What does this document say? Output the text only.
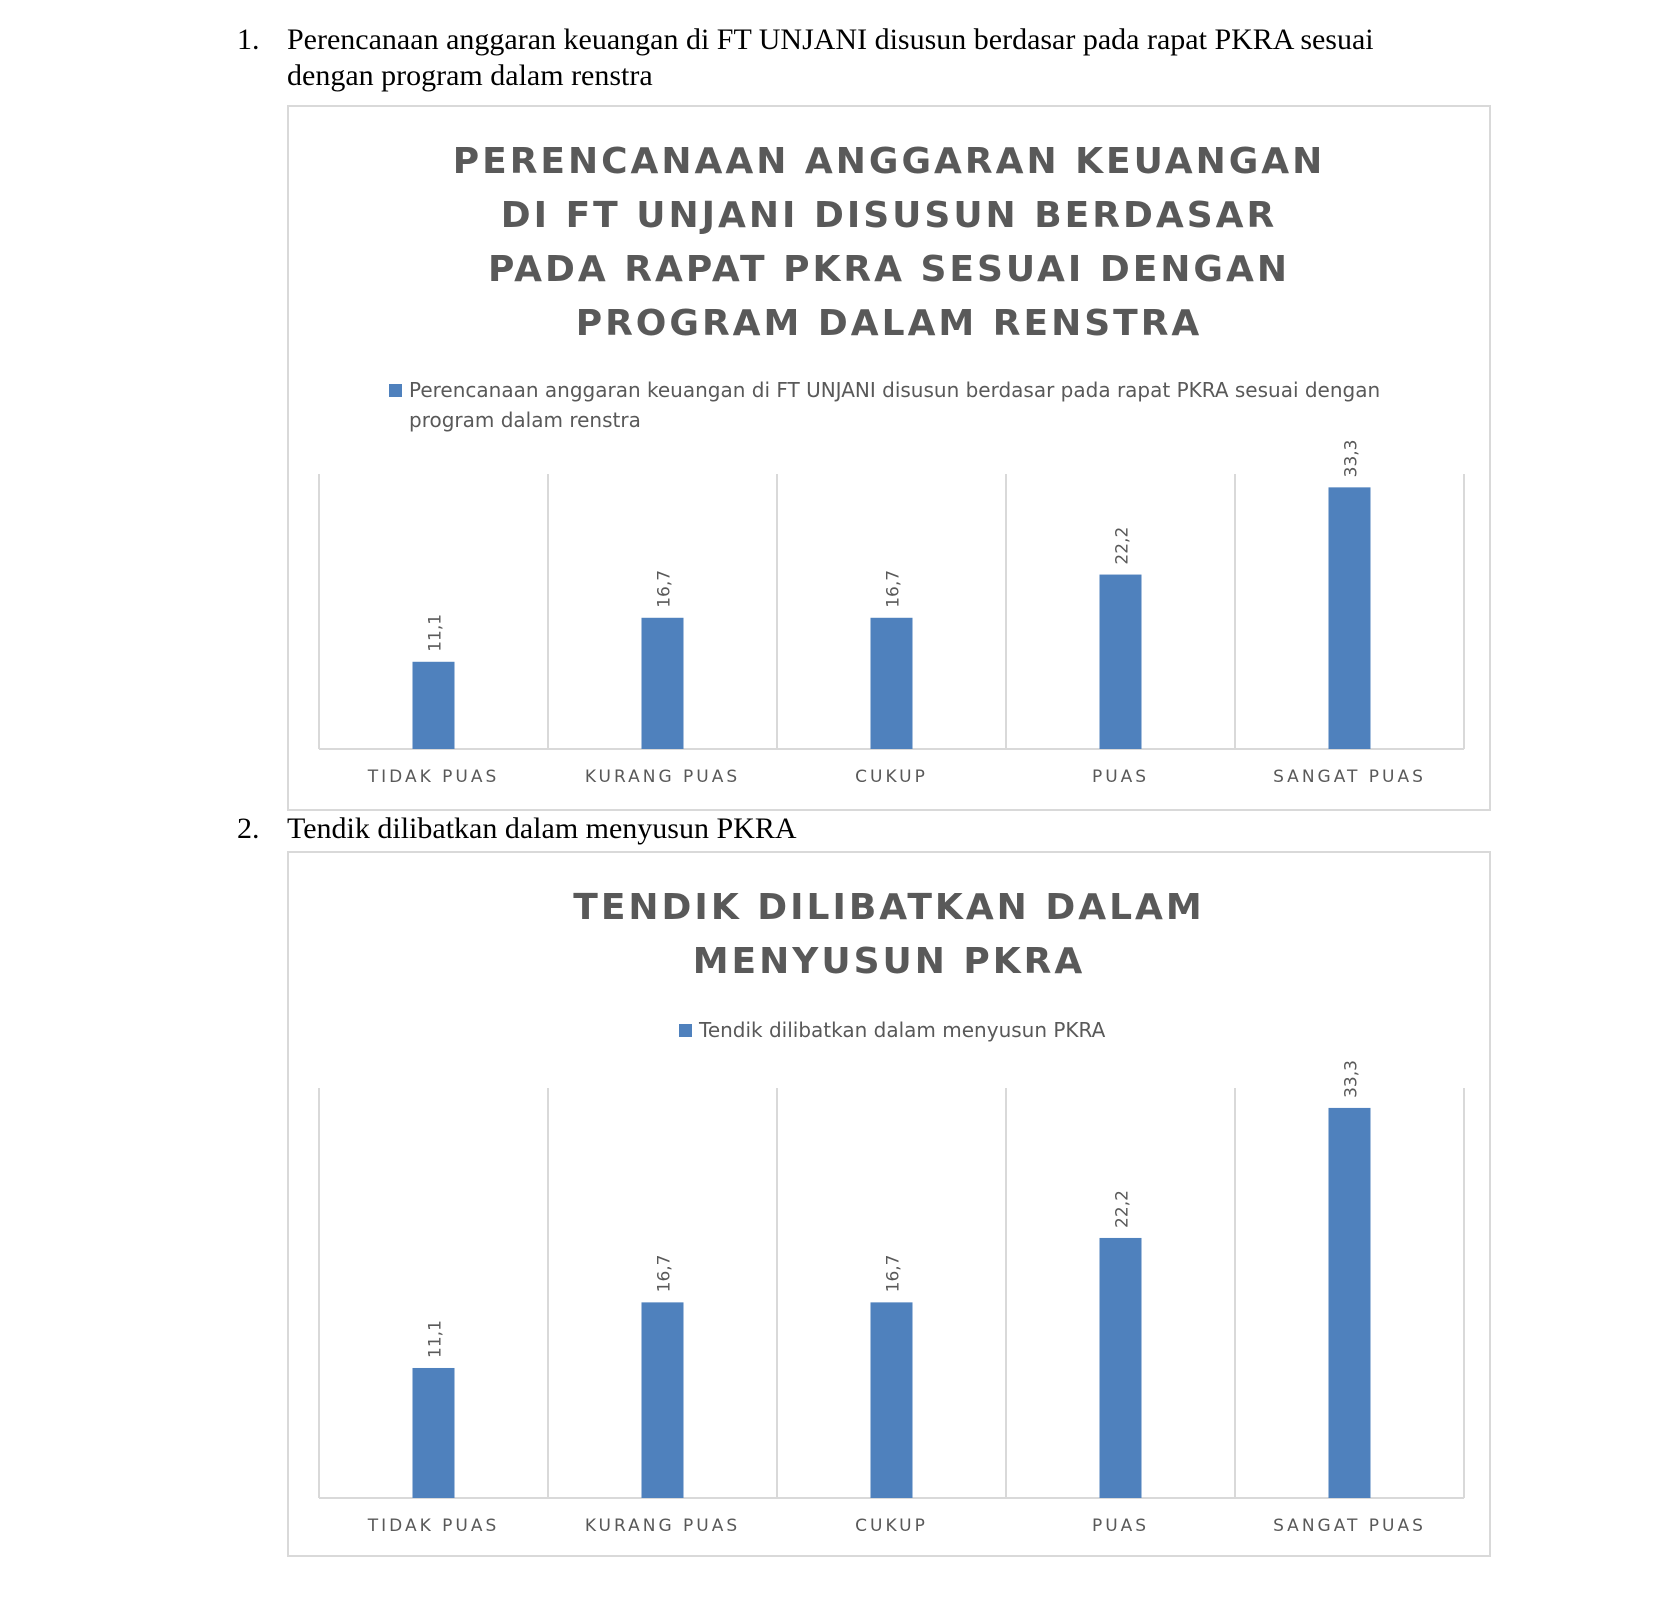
1. Perencanaan anggaran keuangan di FT UNJANI disusun berdasar pada rapat PKRA sesuai dengan program dalam renstra
PERENCANAAN ANGGARAN KEUANGAN DI FT UNJANI DISUSUN BERDASAR PADA RAPAT PKRA SESUAI DENGAN PROGRAM DALAM RENSTRA
Perencanaan anggaran keuangan di FT UNJANI disusun berdasar pada rapat PKRA sesuai dengan program dalam renstra
11,1
TIDAK PUAS
16,7
KURANG PUAS
16,7
CUKUP
22,2
PUAS
33,3
SANGAT PUAS
2. Tendik dilibatkan dalam menyusun PKRA
TENDIK DILIBATKAN DALAM MENYUSUN PKRA
Tendik dilibatkan dalam menyusun PKRA
11,1
TIDAK PUAS
16,7
KURANG PUAS
16,7
CUKUP
22,2
PUAS
33,3
SANGAT PUAS
